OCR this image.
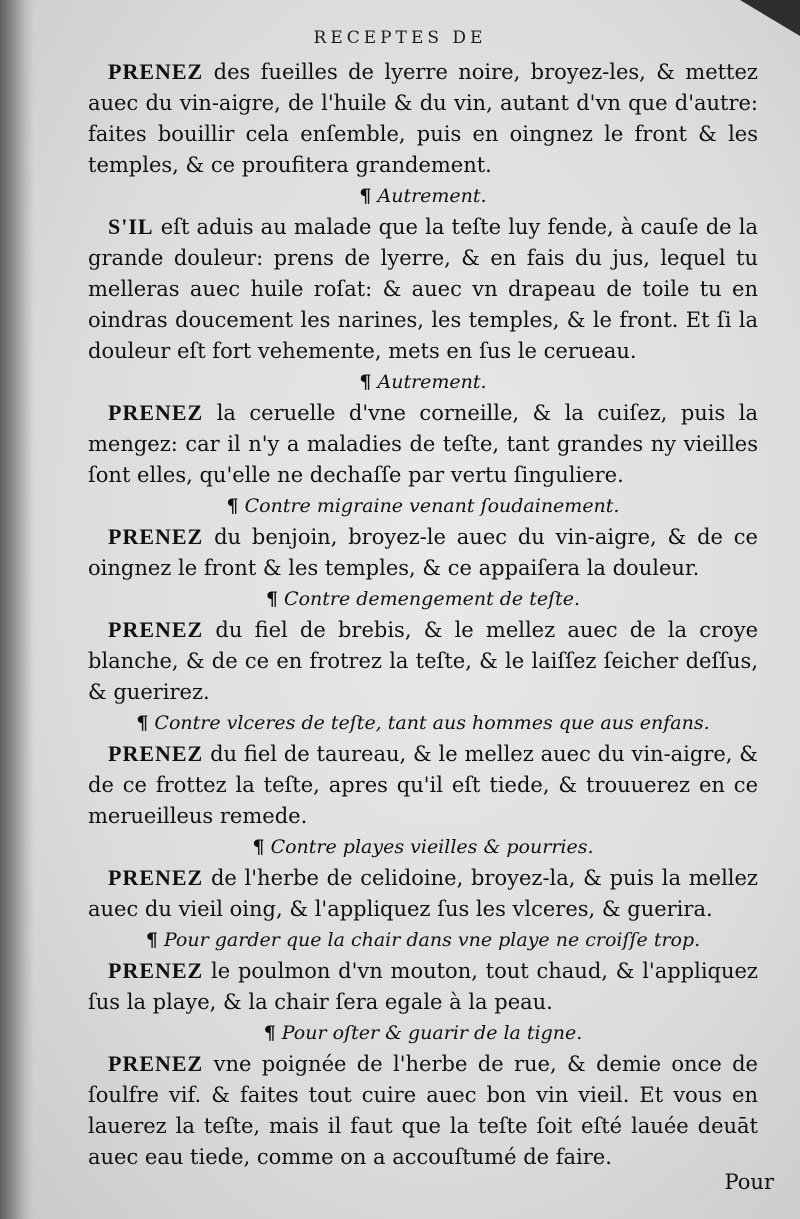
RECEPTES DE

PRENEZ des fueilles de lyerre noire, broyez-les, & mettez auec du vin-aigre, de l'huile & du vin, autant d'vn que d'autre: faites bouillir cela enſemble, puis en oingnez le front & les temples, & ce proufitera grandement.

¶ Autrement.

S'IL eſt aduis au malade que la teſte luy fende, à cauſe de la grande douleur: prens de lyerre, & en fais du jus, lequel tu melleras auec huile roſat: & auec vn drapeau de toile tu en oindras doucement les narines, les temples, & le front. Et ſi la douleur eſt fort vehemente, mets en ſus le cerueau.

¶ Autrement.

PRENEZ la ceruelle d'vne corneille, & la cuiſez, puis la mengez: car il n'y a maladies de teſte, tant grandes ny vieilles ſont elles, qu'elle ne dechaſſe par vertu ſinguliere.

¶ Contre migraine venant ſoudainement.

PRENEZ du benjoin, broyez-le auec du vin-aigre, & de ce oingnez le front & les temples, & ce appaiſera la douleur.

¶ Contre demengement de teſte.

PRENEZ du fiel de brebis, & le mellez auec de la croye blanche, & de ce en frotrez la teſte, & le laiſſez ſeicher deſſus, & guerirez.

¶ Contre vlceres de teſte, tant aus hommes que aus enfans.

PRENEZ du fiel de taureau, & le mellez auec du vin-aigre, & de ce frottez la teſte, apres qu'il eſt tiede, & trouuerez en ce merueilleus remede.

¶ Contre playes vieilles & pourries.

PRENEZ de l'herbe de celidoine, broyez-la, & puis la mellez auec du vieil oing, & l'appliquez ſus les vlceres, & guerira.

¶ Pour garder que la chair dans vne playe ne croiſſe trop.

PRENEZ le poulmon d'vn mouton, tout chaud, & l'appliquez ſus la playe, & la chair ſera egale à la peau.

¶ Pour oſter & guarir de la tigne.

PRENEZ vne poignée de l'herbe de rue, & demie once de ſoulfre vif. & faites tout cuire auec bon vin vieil. Et vous en lauerez la teſte, mais il faut que la teſte ſoit eſté lauée deuāt auec eau tiede, comme on a accouſtumé de faire.

Pour
